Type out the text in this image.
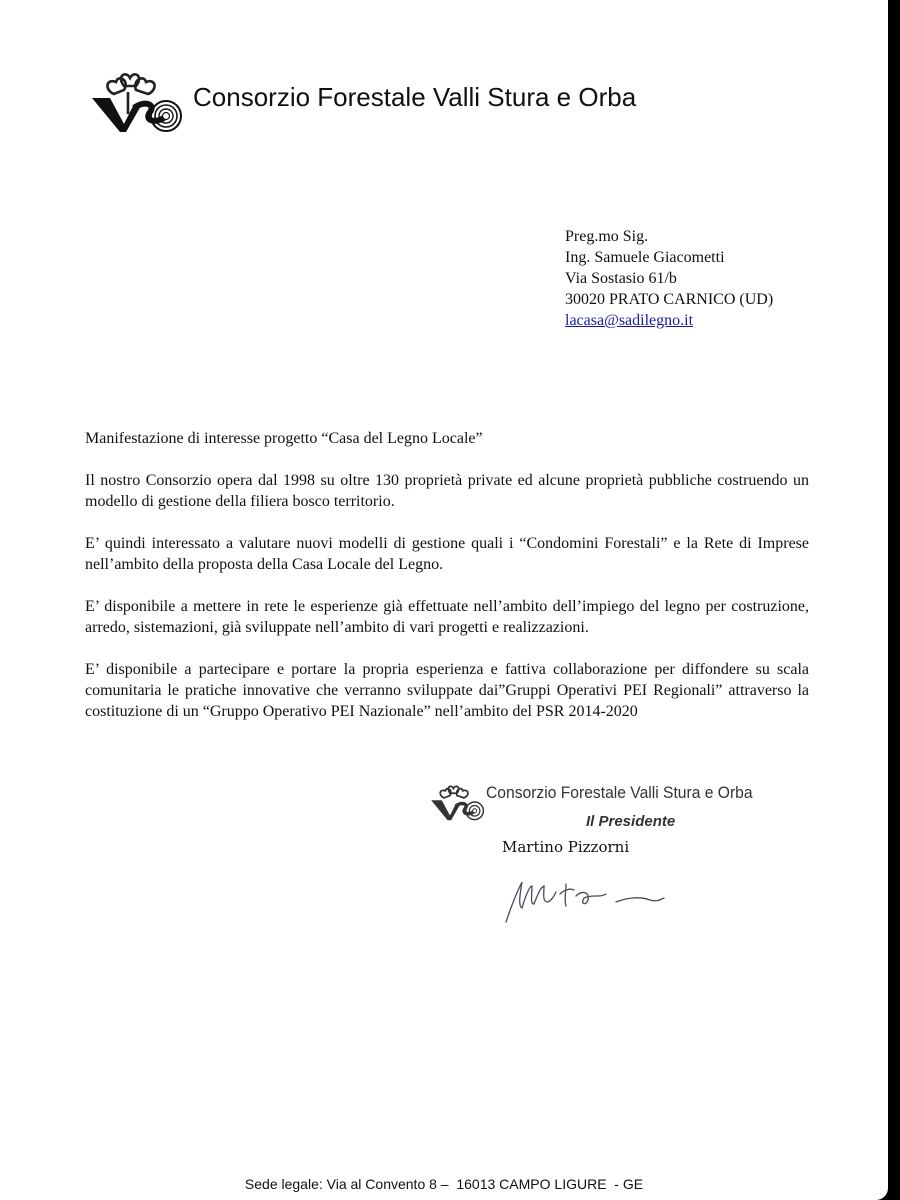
Consorzio Forestale Valli Stura e Orba
Preg.mo Sig.
Ing. Samuele Giacometti
Via Sostasio 61/b
30020 PRATO CARNICO (UD)
lacasa@sadilegno.it

Manifestazione di interesse progetto “Casa del Legno Locale”

Il nostro Consorzio opera dal 1998 su oltre 130 proprietà private ed alcune proprietà pubbliche costruendo un modello di gestione della filiera bosco territorio.

E’ quindi interessato a valutare nuovi modelli di gestione quali i “Condomini Forestali” e la Rete di Imprese nell’ambito della proposta della Casa Locale del Legno.

E’ disponibile a mettere in rete le esperienze già effettuate nell’ambito dell’impiego del legno per costruzione, arredo, sistemazioni, già sviluppate nell’ambito di vari progetti e realizzazioni.

E’ disponibile a partecipare e portare la propria esperienza e fattiva collaborazione per diffondere su scala comunitaria le pratiche innovative che verranno sviluppate dai”Gruppi Operativi PEI Regionali” attraverso la costituzione di un “Gruppo Operativo PEI Nazionale” nell’ambito del PSR 2014-2020

Consorzio Forestale Valli Stura e Orba
Il Presidente
Martino Pizzorni
Sede legale: Via al Convento 8 –  16013 CAMPO LIGURE  - GE
